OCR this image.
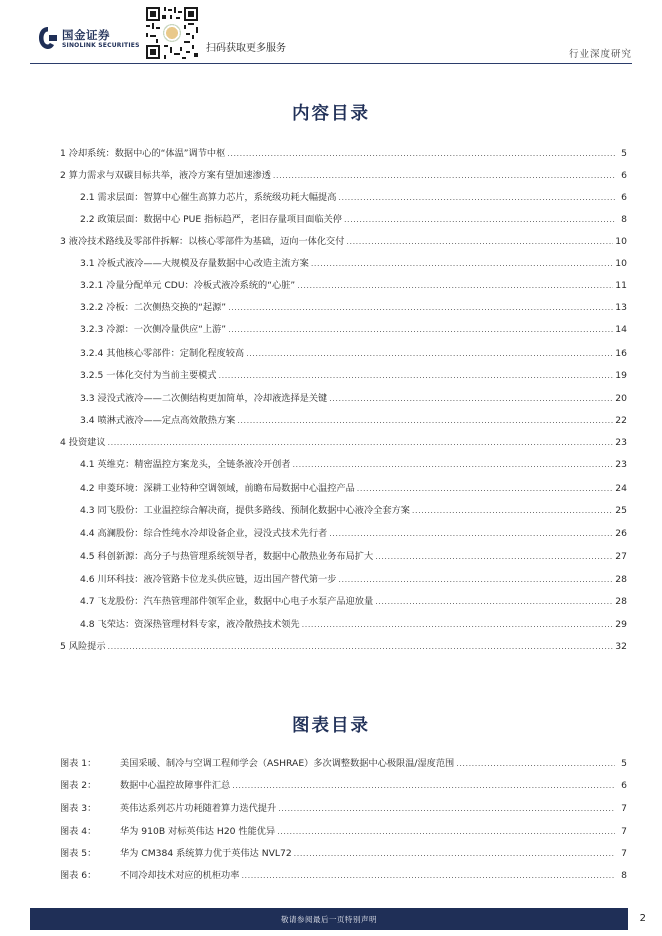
国金证券
SINOLINK SECURITIES	扫码获取更多服务
行业深度研究
内容目录
1 冷却系统：数据中心的“体温”调节中枢 . . .	5
2 算力需求与双碳目标共举，液冷方案有望加速渗透 . . .	6
2.1 需求层面：智算中心催生高算力芯片，系统级功耗大幅提高 . . .	6
2.2 政策层面：数据中心 PUE 指标趋严，老旧存量项目面临关停 . . .	8
3 液冷技术路线及零部件拆解：以核心零部件为基础，迈向一体化交付 . . .	10
3.1 冷板式液冷——大规模及存量数据中心改造主流方案 . . .	10
3.2.1 冷量分配单元 CDU：冷板式液冷系统的“心脏” . . .	11
3.2.2 冷板：二次侧热交换的“起源” . . .	13
3.2.3 冷源：一次侧冷量供应“上游” . . .	14
3.2.4 其他核心零部件：定制化程度较高 . . .	16
3.2.5 一体化交付为当前主要模式 . . .	19
3.3 浸没式液冷——二次侧结构更加简单，冷却液选择是关键 . . .	20
3.4 喷淋式液冷——定点高效散热方案 . . .	22
4 投资建议 . . .	23
4.1 英维克：精密温控方案龙头，全链条液冷开创者 . . .	23
4.2 申菱环境：深耕工业特种空调领域，前瞻布局数据中心温控产品 . . .	24
4.3 同飞股份：工业温控综合解决商，提供多路线、预制化数据中心液冷全套方案 . . .	25
4.4 高澜股份：综合性纯水冷却设备企业，浸没式技术先行者 . . .	26
4.5 科创新源：高分子与热管理系统领导者，数据中心散热业务布局扩大 . . .	27
4.6 川环科技：液冷管路卡位龙头供应链，迈出国产替代第一步 . . .	28
4.7 飞龙股份：汽车热管理部件领军企业，数据中心电子水泵产品迎放量 . . .	28
4.8 飞荣达：资深热管理材料专家，液冷散热技术领先 . . .	29
5 风险提示 . . .	32
图表目录
图表 1：	美国采暖、制冷与空调工程师学会（ASHRAE）多次调整数据中心极限温/湿度范围 . . .	5
图表 2：	数据中心温控故障事件汇总 . . .	6
图表 3：	英伟达系列芯片功耗随着算力迭代提升 . . .	7
图表 4：	华为 910B 对标英伟达 H20 性能优异 . . .	7
图表 5：	华为 CM384 系统算力优于英伟达 NVL72 . . .	7
图表 6：	不同冷却技术对应的机柜功率 . . .	8
敬请参阅最后一页特别声明	2
